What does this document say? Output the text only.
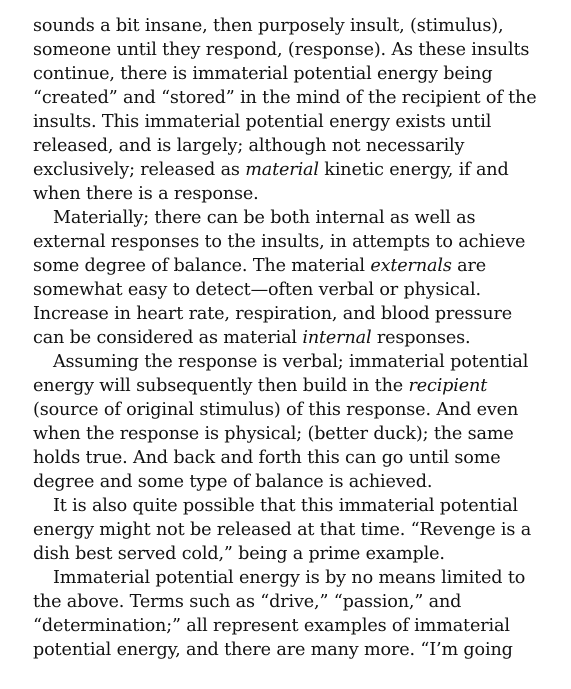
sounds a bit insane, then purposely insult, (stimulus),
someone until they respond, (response). As these insults
continue, there is immaterial potential energy being
“created” and “stored” in the mind of the recipient of the
insults. This immaterial potential energy exists until
released, and is largely; although not necessarily
exclusively; released as material kinetic energy, if and
when there is a response.
Materially; there can be both internal as well as
external responses to the insults, in attempts to achieve
some degree of balance. The material externals are
somewhat easy to detect—often verbal or physical.
Increase in heart rate, respiration, and blood pressure
can be considered as material internal responses.
Assuming the response is verbal; immaterial potential
energy will subsequently then build in the recipient
(source of original stimulus) of this response. And even
when the response is physical; (better duck); the same
holds true. And back and forth this can go until some
degree and some type of balance is achieved.
It is also quite possible that this immaterial potential
energy might not be released at that time. “Revenge is a
dish best served cold,” being a prime example.
Immaterial potential energy is by no means limited to
the above. Terms such as “drive,” “passion,” and
“determination;” all represent examples of immaterial
potential energy, and there are many more. “I’m going
